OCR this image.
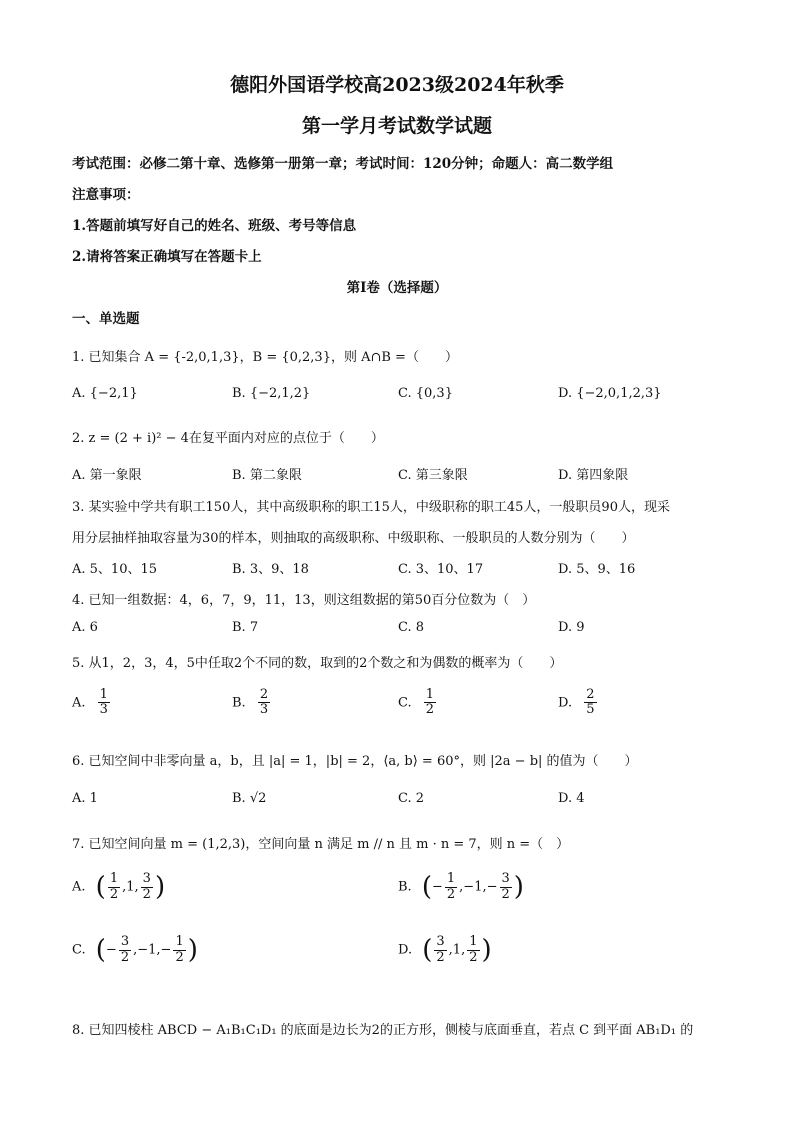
德阳外国语学校高2023级2024年秋季
第一学月考试数学试题
考试范围：必修二第十章、选修第一册第一章；考试时间：120分钟；命题人：高二数学组
注意事项：
1.答题前填写好自己的姓名、班级、考号等信息
2.请将答案正确填写在答题卡上
第Ⅰ卷（选择题）
一、单选题
1. 已知集合 A = {-2,0,1,3}，B = {0,2,3}，则 A∩B =（　　）
A. {−2,1}	B. {−2,1,2}	C. {0,3}	D. {−2,0,1,2,3}
2. z = (2 + i)² − 4在复平面内对应的点位于（　　）
A. 第一象限	B. 第二象限	C. 第三象限	D. 第四象限
3. 某实验中学共有职工150人，其中高级职称的职工15人，中级职称的职工45人，一般职员90人，现采
用分层抽样抽取容量为30的样本，则抽取的高级职称、中级职称、一般职员的人数分别为（　　）
A. 5、10、15	B. 3、9、18	C. 3、10、17	D. 5、9、16
4. 已知一组数据：4，6，7，9，11，13，则这组数据的第50百分位数为（　）
A. 6	B. 7	C. 8	D. 9
5. 从1，2，3，4，5中任取2个不同的数，取到的2个数之和为偶数的概率为（　　）
A. $\frac{1}{3}$	B. $\frac{2}{3}$	C. $\frac{1}{2}$	D. $\frac{2}{5}$
6. 已知空间中非零向量 a，b，且 |a| = 1，|b| = 2，⟨a, b⟩ = 60°，则 |2a − b| 的值为（　　）
A. 1	B. √2	C. 2	D. 4
7. 已知空间向量 m = (1,2,3)，空间向量 n 满足 m // n 且 m · n = 7，则 n =（　）
A. ( $\frac{1}{2} ,1$, $\frac{3}{2}$ )	B. (− $\frac{1}{2} ,-1,- \frac{3}{2}$ )
C. (− $\frac{3}{2} ,-1,- \frac{1}{2}$ )	D. ( $\frac{3}{2} ,1$, $\frac{1}{2}$ )
8. 已知四棱柱 ABCD − A₁B₁C₁D₁ 的底面是边长为2的正方形，侧棱与底面垂直，若点 C 到平面 AB₁D₁ 的
